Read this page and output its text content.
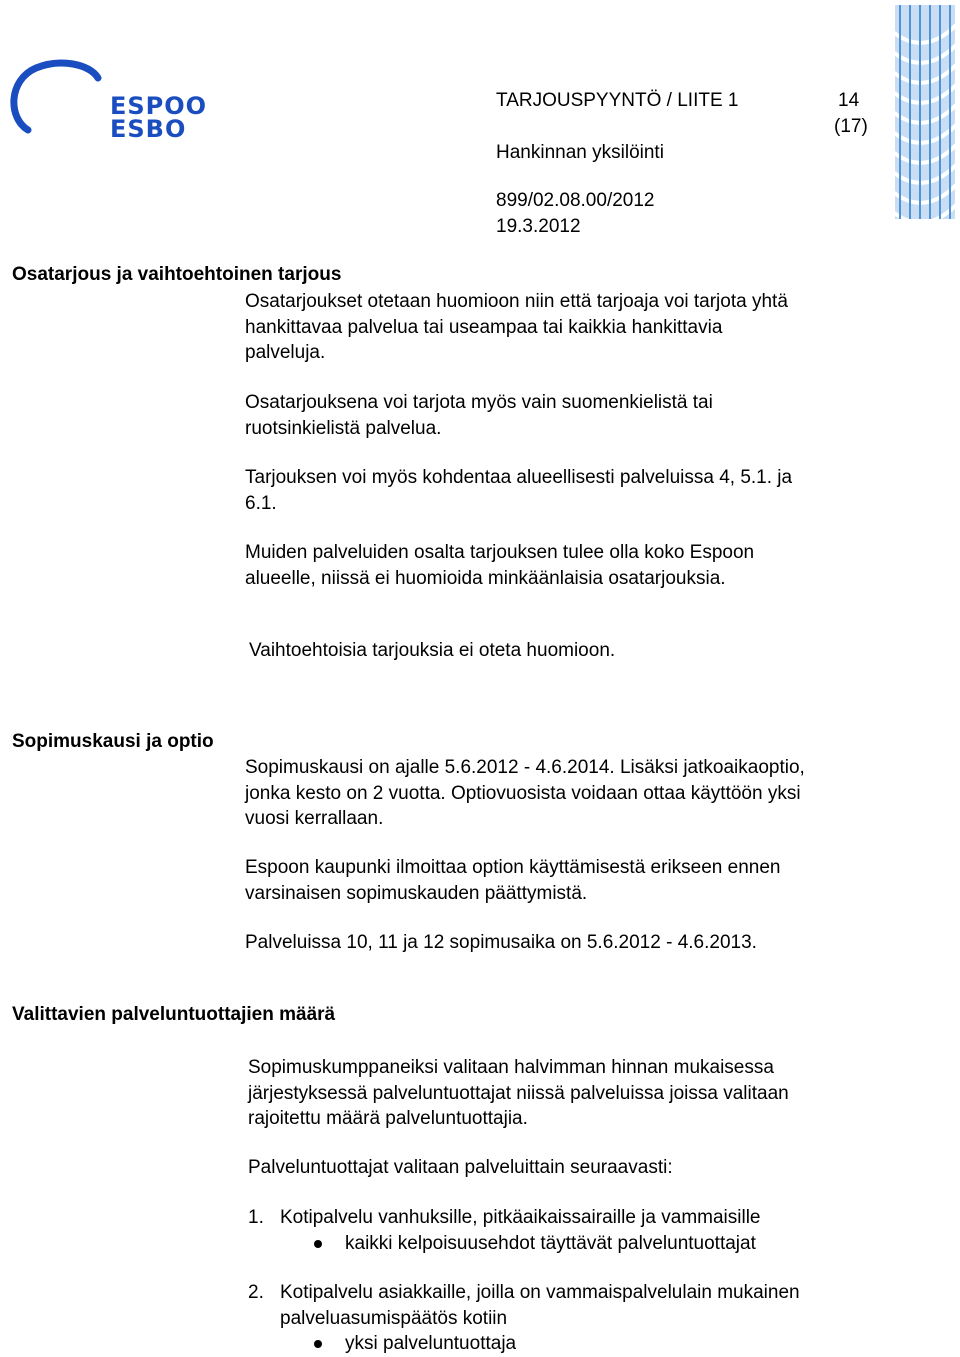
ESPOO
ESBO
TARJOUSPYYNTÖ / LIITE 1	14
(17)
Hankinnan yksilöinti
899/02.08.00/2012
19.3.2012
Osatarjous ja vaihtoehtoinen tarjous

Osatarjoukset otetaan huomioon niin että tarjoaja voi tarjota yhtä

hankittavaa palvelua tai useampaa tai kaikkia hankittavia

palveluja.

Osatarjouksena voi tarjota myös vain suomenkielistä tai

ruotsinkielistä palvelua.

Tarjouksen voi myös kohdentaa alueellisesti palveluissa 4, 5.1. ja

6.1.

Muiden palveluiden osalta tarjouksen tulee olla koko Espoon

alueelle, niissä ei huomioida minkäänlaisia osatarjouksia.

Vaihtoehtoisia tarjouksia ei oteta huomioon.
Sopimuskausi ja optio

Sopimuskausi on ajalle 5.6.2012 - 4.6.2014. Lisäksi jatkoaikaoptio,

jonka kesto on 2 vuotta. Optiovuosista voidaan ottaa käyttöön yksi

vuosi kerrallaan.

Espoon kaupunki ilmoittaa option käyttämisestä erikseen ennen

varsinaisen sopimuskauden päättymistä.

Palveluissa 10, 11 ja 12 sopimusaika on 5.6.2012 - 4.6.2013.
Valittavien palveluntuottajien määrä

Sopimuskumppaneiksi valitaan halvimman hinnan mukaisessa

järjestyksessä palveluntuottajat niissä palveluissa joissa valitaan

rajoitettu määrä palveluntuottajia.

Palveluntuottajat valitaan palveluittain seuraavasti:
1. Kotipalvelu vanhuksille, pitkäaikaissairaille ja vammaisille
kaikki kelpoisuusehdot täyttävät palveluntuottajat
2. Kotipalvelu asiakkaille, joilla on vammaispalvelulain mukainen
palveluasumispäätös kotiin
yksi palveluntuottaja
